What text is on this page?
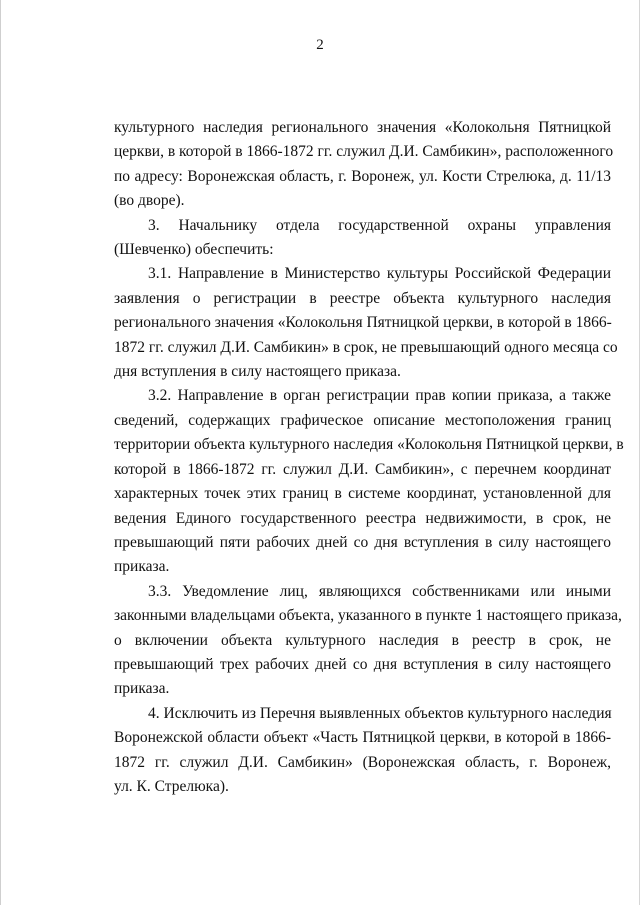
2
культурного наследия регионального значения «Колокольня Пятницкой
церкви, в которой в 1866-1872 гг. служил Д.И. Самбикин», расположенного
по адресу: Воронежская область, г. Воронеж, ул. Кости Стрелюка, д. 11/13
(во дворе).
3. Начальнику отдела государственной охраны управления
(Шевченко) обеспечить:
3.1. Направление в Министерство культуры Российской Федерации
заявления о регистрации в реестре объекта культурного наследия
регионального значения «Колокольня Пятницкой церкви, в которой в 1866-
1872 гг. служил Д.И. Самбикин» в срок, не превышающий одного месяца со
дня вступления в силу настоящего приказа.
3.2. Направление в орган регистрации прав копии приказа, а также
сведений, содержащих графическое описание местоположения границ
территории объекта культурного наследия «Колокольня Пятницкой церкви, в
которой в 1866-1872 гг. служил Д.И. Самбикин», с перечнем координат
характерных точек этих границ в системе координат, установленной для
ведения Единого государственного реестра недвижимости, в срок, не
превышающий пяти рабочих дней со дня вступления в силу настоящего
приказа.
3.3. Уведомление лиц, являющихся собственниками или иными
законными владельцами объекта, указанного в пункте 1 настоящего приказа,
о включении объекта культурного наследия в реестр в срок, не
превышающий трех рабочих дней со дня вступления в силу настоящего
приказа.
4. Исключить из Перечня выявленных объектов культурного наследия
Воронежской области объект «Часть Пятницкой церкви, в которой в 1866-
1872 гг. служил Д.И. Самбикин» (Воронежская область, г. Воронеж,
ул. К. Стрелюка).
